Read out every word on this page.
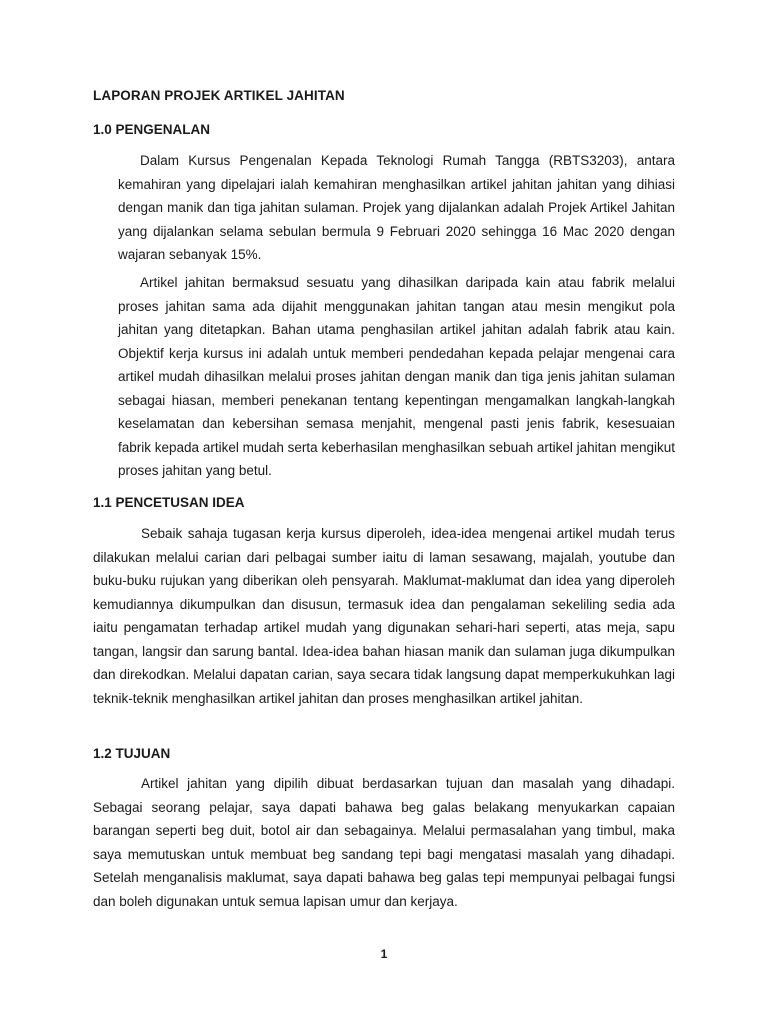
LAPORAN PROJEK ARTIKEL JAHITAN
1.0 PENGENALAN

Dalam Kursus Pengenalan Kepada Teknologi Rumah Tangga (RBTS3203), antara kemahiran yang dipelajari ialah kemahiran menghasilkan artikel jahitan jahitan yang dihiasi dengan manik dan tiga jahitan sulaman. Projek yang dijalankan adalah Projek Artikel Jahitan yang dijalankan selama sebulan bermula 9 Februari 2020 sehingga 16 Mac 2020 dengan wajaran sebanyak 15%.

Artikel jahitan bermaksud sesuatu yang dihasilkan daripada kain atau fabrik melalui proses jahitan sama ada dijahit menggunakan jahitan tangan atau mesin mengikut pola jahitan yang ditetapkan. Bahan utama penghasilan artikel jahitan adalah fabrik atau kain. Objektif kerja kursus ini adalah untuk memberi pendedahan kepada pelajar mengenai cara artikel mudah dihasilkan melalui proses jahitan dengan manik dan tiga jenis jahitan sulaman sebagai hiasan, memberi penekanan tentang kepentingan mengamalkan langkah-langkah keselamatan dan kebersihan semasa menjahit, mengenal pasti jenis fabrik, kesesuaian fabrik kepada artikel mudah serta keberhasilan menghasilkan sebuah artikel jahitan mengikut proses jahitan yang betul.

1.1 PENCETUSAN IDEA

Sebaik sahaja tugasan kerja kursus diperoleh, idea-idea mengenai artikel mudah terus dilakukan melalui carian dari pelbagai sumber iaitu di laman sesawang, majalah, youtube dan buku-buku rujukan yang diberikan oleh pensyarah. Maklumat-maklumat dan idea yang diperoleh kemudiannya dikumpulkan dan disusun, termasuk idea dan pengalaman sekeliling sedia ada iaitu pengamatan terhadap artikel mudah yang digunakan sehari-hari seperti, atas meja, sapu tangan, langsir dan sarung bantal. Idea-idea bahan hiasan manik dan sulaman juga dikumpulkan dan direkodkan. Melalui dapatan carian, saya secara tidak langsung dapat memperkukuhkan lagi teknik-teknik menghasilkan artikel jahitan dan proses menghasilkan artikel jahitan.

1.2 TUJUAN

Artikel jahitan yang dipilih dibuat berdasarkan tujuan dan masalah yang dihadapi. Sebagai seorang pelajar, saya dapati bahawa beg galas belakang menyukarkan capaian barangan seperti beg duit, botol air dan sebagainya. Melalui permasalahan yang timbul, maka saya memutuskan untuk membuat beg sandang tepi bagi mengatasi masalah yang dihadapi. Setelah menganalisis maklumat, saya dapati bahawa beg galas tepi mempunyai pelbagai fungsi dan boleh digunakan untuk semua lapisan umur dan kerjaya.

1
